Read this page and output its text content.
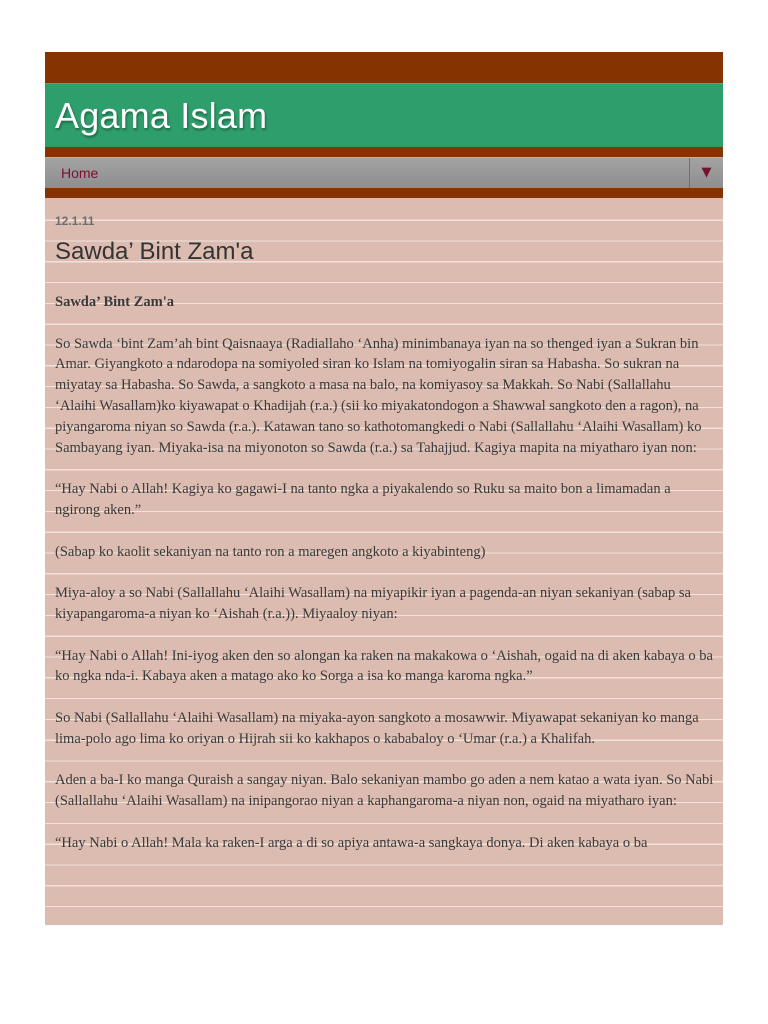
Agama Islam
Home	▼
12.1.11
Sawda’ Bint Zam'a

Sawda’ Bint Zam'a

So Sawda ‘bint Zam’ah bint Qaisnaaya (Radiallaho ‘Anha) minimbanaya iyan na so thenged iyan a Sukran bin Amar. Giyangkoto a ndarodopa na somiyoled siran ko Islam na tomiyogalin siran sa Habasha. So sukran na miyatay sa Habasha. So Sawda, a sangkoto a masa na balo, na komiyasoy sa Makkah. So Nabi (Sallallahu ‘Alaihi Wasallam)ko kiyawapat o Khadijah (r.a.) (sii ko miyakatondogon a Shawwal sangkoto den a ragon), na piyangaroma niyan so Sawda (r.a.). Katawan tano so kathotomangkedi o Nabi (Sallallahu ‘Alaihi Wasallam) ko Sambayang iyan. Miyaka-isa na miyonoton so Sawda (r.a.) sa Tahajjud. Kagiya mapita na miyatharo iyan non:

“Hay Nabi o Allah! Kagiya ko gagawi-I na tanto ngka a piyakalendo so Ruku sa maito bon a limamadan a ngirong aken.”

(Sabap ko kaolit sekaniyan na tanto ron a maregen angkoto a kiyabinteng)

Miya-aloy a so Nabi (Sallallahu ‘Alaihi Wasallam) na miyapikir iyan a pagenda-an niyan sekaniyan (sabap sa kiyapangaroma-a niyan ko ‘Aishah (r.a.)). Miyaaloy niyan:

“Hay Nabi o Allah! Ini-iyog aken den so alongan ka raken na makakowa o ‘Aishah, ogaid na di aken kabaya o ba ko ngka nda-i. Kabaya aken a matago ako ko Sorga a isa ko manga karoma ngka.”

So Nabi (Sallallahu ‘Alaihi Wasallam) na miyaka-ayon sangkoto a mosawwir. Miyawapat sekaniyan ko manga lima-polo ago lima ko oriyan o Hijrah sii ko kakhapos o kababaloy o ‘Umar (r.a.) a Khalifah.

Aden a ba-I ko manga Quraish a sangay niyan. Balo sekaniyan mambo go aden a nem katao a wata iyan. So Nabi (Sallallahu ‘Alaihi Wasallam) na inipangorao niyan a kaphangaroma-a niyan non, ogaid na miyatharo iyan:

“Hay Nabi o Allah! Mala ka raken-I arga a di so apiya antawa-a sangkaya donya. Di aken kabaya o ba
